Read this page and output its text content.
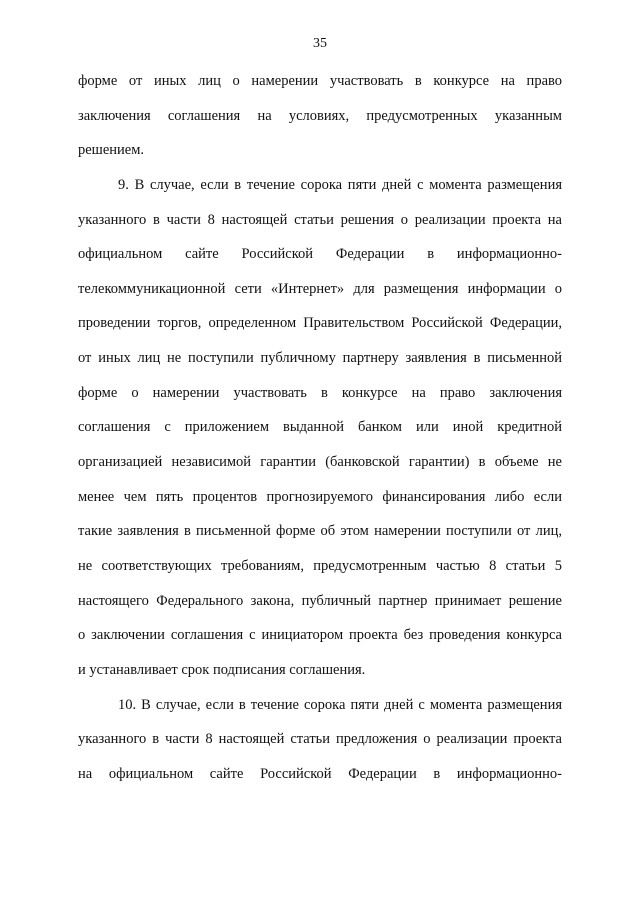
35
форме от иных лиц о намерении участвовать в конкурсе на право
заключения соглашения на условиях, предусмотренных указанным
решением.
9. В случае, если в течение сорока пяти дней с момента размещения
указанного в части 8 настоящей статьи решения о реализации проекта на
официальном сайте Российской Федерации в информационно-
телекоммуникационной сети «Интернет» для размещения информации о
проведении торгов, определенном Правительством Российской Федерации,
от иных лиц не поступили публичному партнеру заявления в письменной
форме о намерении участвовать в конкурсе на право заключения
соглашения с приложением выданной банком или иной кредитной
организацией независимой гарантии (банковской гарантии) в объеме не
менее чем пять процентов прогнозируемого финансирования либо если
такие заявления в письменной форме об этом намерении поступили от лиц,
не соответствующих требованиям, предусмотренным частью 8 статьи 5
настоящего Федерального закона, публичный партнер принимает решение
о заключении соглашения с инициатором проекта без проведения конкурса
и устанавливает срок подписания соглашения.
10. В случае, если в течение сорока пяти дней с момента размещения
указанного в части 8 настоящей статьи предложения о реализации проекта
на официальном сайте Российской Федерации в информационно-
